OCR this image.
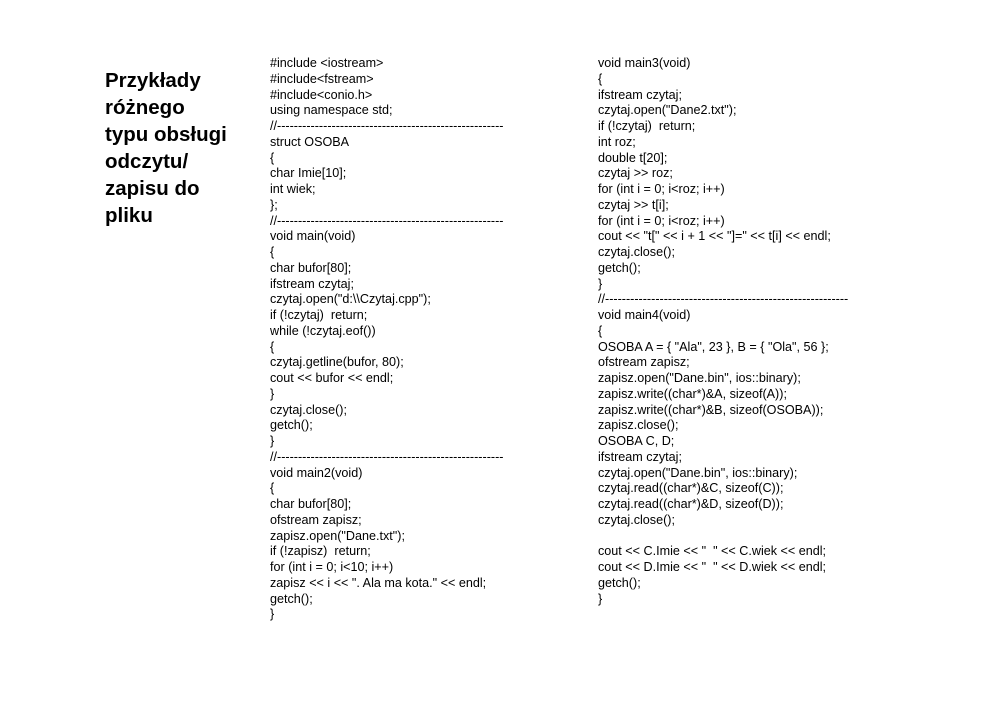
Przykłady
różnego
typu obsługi
odczytu/
zapisu do
pliku
#include <iostream>
#include<fstream>
#include<conio.h>
using namespace std;
//------------------------------------------------------
struct OSOBA
{
char Imie[10];
int wiek;
};
//------------------------------------------------------
void main(void)
{
char bufor[80];
ifstream czytaj;
czytaj.open("d:\\Czytaj.cpp");
if (!czytaj)  return;
while (!czytaj.eof())
{
czytaj.getline(bufor, 80);
cout << bufor << endl;
}
czytaj.close();
getch();
}
//------------------------------------------------------
void main2(void)
{
char bufor[80];
ofstream zapisz;
zapisz.open("Dane.txt");
if (!zapisz)  return;
for (int i = 0; i<10; i++)
zapisz << i << ". Ala ma kota." << endl;
getch();
}
void main3(void)
{
ifstream czytaj;
czytaj.open("Dane2.txt");
if (!czytaj)  return;
int roz;
double t[20];
czytaj >> roz;
for (int i = 0; i<roz; i++)
czytaj >> t[i];
for (int i = 0; i<roz; i++)
cout << "t[" << i + 1 << "]=" << t[i] << endl;
czytaj.close();
getch();
}
//----------------------------------------------------------
void main4(void)
{
OSOBA A = { "Ala", 23 }, B = { "Ola", 56 };
ofstream zapisz;
zapisz.open("Dane.bin", ios::binary);
zapisz.write((char*)&A, sizeof(A));
zapisz.write((char*)&B, sizeof(OSOBA));
zapisz.close();
OSOBA C, D;
ifstream czytaj;
czytaj.open("Dane.bin", ios::binary);
czytaj.read((char*)&C, sizeof(C));
czytaj.read((char*)&D, sizeof(D));
czytaj.close();
cout << C.Imie << "  " << C.wiek << endl;
cout << D.Imie << "  " << D.wiek << endl;
getch();
}
